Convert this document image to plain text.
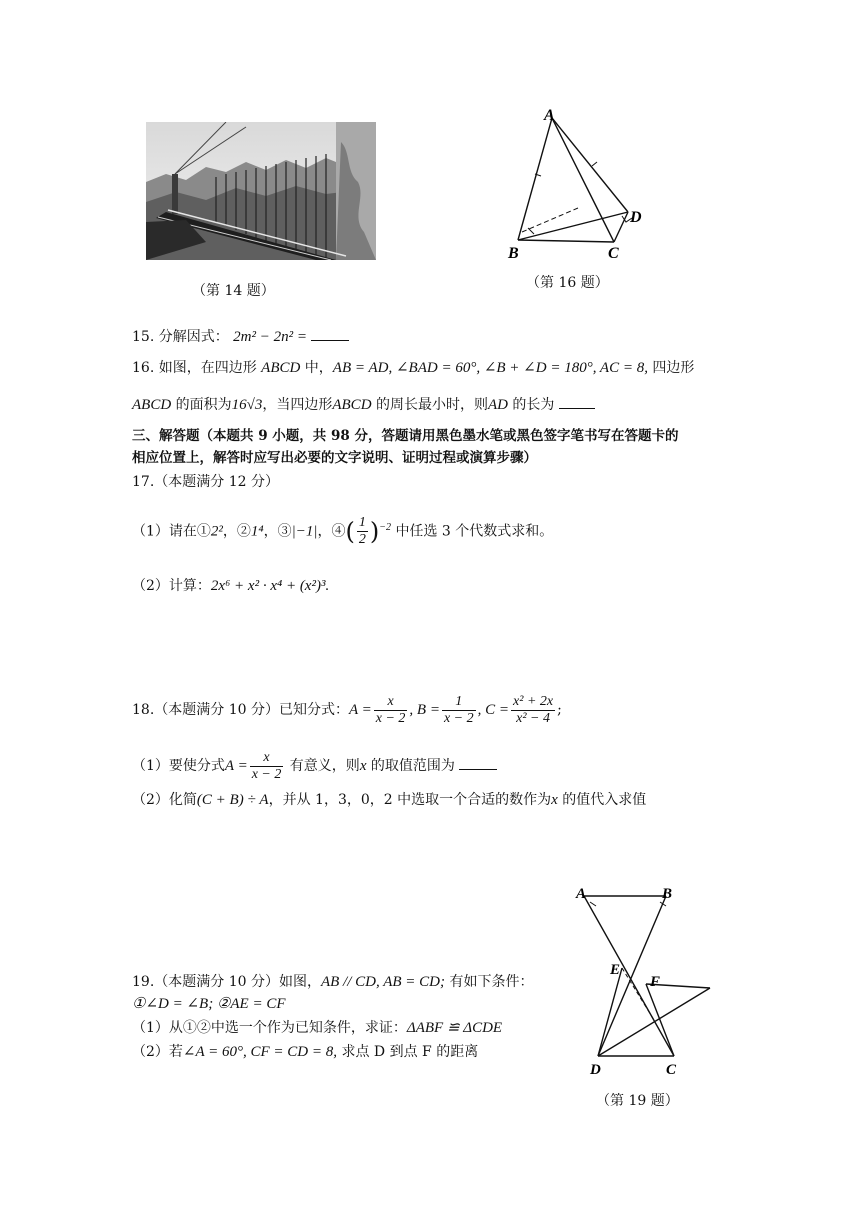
（第 14 题）
A
B	C
D
（第 16 题）
15. 分解因式： 2m² − 2n² =
16. 如图，在四边形 ABCD 中，AB = AD, ∠BAD = 60°, ∠B + ∠D = 180°, AC = 8, 四边形
ABCD 的面积为16√3，当四边形ABCD 的周长最小时，则AD 的长为
三、解答题（本题共 9 小题，共 98 分，答题请用黑色墨水笔或黑色签字笔书写在答题卡的
相应位置上，解答时应写出必要的文字说明、证明过程或演算步骤）
17.（本题满分 12 分）
（1）请在①2²，②1⁴，③|−1|，④( $\frac{1}{2} )^{-2}$ 中任选 3 个代数式求和。
（2）计算：2x⁶ + x² · x⁴ + (x²)³.
18.（本题满分 10 分）已知分式：$A = \frac{x}{x - 2}$ , $B = \frac{1}{x - 2}$ , $C = \frac{\text{x² + 2x}}{\text{x² − 4}}$ ;
（1）要使分式$A = \frac{x}{x - 2}$ 有意义，则x 的取值范围为
（2）化简(C + B) ÷ A，并从 1，3，0，2 中选取一个合适的数作为x 的值代入求值
A	B
E
F
D	C
（第 19 题）
19.（本题满分 10 分）如图，AB // CD, AB = CD; 有如下条件：
①∠D = ∠B; ②AE = CF
（1）从①②中选一个作为已知条件，求证：ΔABF ≌ ΔCDE
（2）若∠A = 60°, CF = CD = 8, 求点 D 到点 F 的距离
